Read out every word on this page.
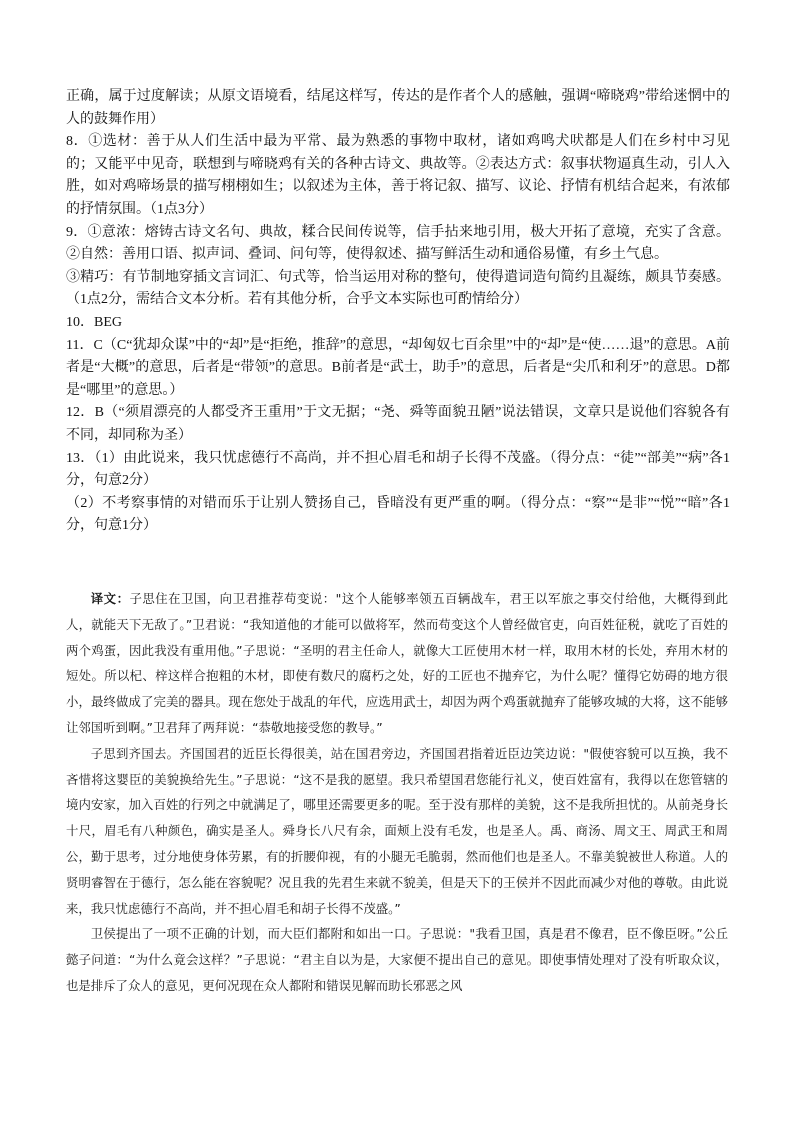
正确，属于过度解读；从原文语境看，结尾这样写，传达的是作者个人的感触，强调“啼晓鸡”带给迷惘中的人的鼓舞作用）

8．①选材：善于从人们生活中最为平常、最为熟悉的事物中取材，诸如鸡鸣犬吠都是人们在乡村中习见的；又能平中见奇，联想到与啼晓鸡有关的各种古诗文、典故等。②表达方式：叙事状物逼真生动，引人入胜，如对鸡啼场景的描写栩栩如生；以叙述为主体，善于将记叙、描写、议论、抒情有机结合起来，有浓郁的抒情氛围。（1点3分）

9．①意浓：熔铸古诗文名句、典故，糅合民间传说等，信手拈来地引用，极大开拓了意境，充实了含意。②自然：善用口语、拟声词、叠词、问句等，使得叙述、描写鲜活生动和通俗易懂，有乡土气息。

③精巧：有节制地穿插文言词汇、句式等，恰当运用对称的整句，使得遣词造句简约且凝练，颇具节奏感。（1点2分，需结合文本分析。若有其他分析，合乎文本实际也可酌情给分）

10．BEG

11．C（C“犹却众谋”中的“却”是“拒绝，推辞”的意思，“却匈奴七百余里”中的“却”是“使……退”的意思。A前者是“大概”的意思，后者是“带领”的意思。B前者是“武士，助手”的意思，后者是“尖爪和利牙”的意思。D都是“哪里”的意思。）

12．B（“须眉漂亮的人都受齐王重用”于文无据；“尧、舜等面貌丑陋”说法错误，文章只是说他们容貌各有不同，却同称为圣）

13．（1）由此说来，我只忧虑德行不高尚，并不担心眉毛和胡子长得不茂盛。（得分点：“徒”“部美”“病”各1分，句意2分）

（2）不考察事情的对错而乐于让别人赞扬自己，昏暗没有更严重的啊。（得分点：“察”“是非”“悦”“暗”各1分，句意1分）

译文：子思住在卫国，向卫君推荐苟变说："这个人能够率领五百辆战车，君王以军旅之事交付给他，大概得到此人，就能天下无敌了。”卫君说：“我知道他的才能可以做将军，然而苟变这个人曾经做官吏，向百姓征税，就吃了百姓的两个鸡蛋，因此我没有重用他。”子思说：“圣明的君主任命人，就像大工匠使用木材一样，取用木材的长处，弃用木材的短处。所以杞、梓这样合抱粗的木材，即使有数尺的腐朽之处，好的工匠也不抛弃它，为什么呢？懂得它妨碍的地方很小，最终做成了完美的器具。现在您处于战乱的年代，应选用武士，却因为两个鸡蛋就抛弃了能够攻城的大将，这不能够让邻国听到啊。”卫君拜了两拜说：“恭敬地接受您的教导。”

子思到齐国去。齐国国君的近臣长得很美，站在国君旁边，齐国国君指着近臣边笑边说："假使容貌可以互换，我不吝惜将这婴臣的美貌换给先生。”子思说：“这不是我的愿望。我只希望国君您能行礼义，使百姓富有，我得以在您管辖的境内安家，加入百姓的行列之中就满足了，哪里还需要更多的呢。至于没有那样的美貌，这不是我所担忧的。从前尧身长十尺，眉毛有八种颜色，确实是圣人。舜身长八尺有余，面颊上没有毛发，也是圣人。禹、商汤、周文王、周武王和周公，勤于思考，过分地使身体劳累，有的折腰仰视，有的小腿无毛脆弱，然而他们也是圣人。不靠美貌被世人称道。人的贤明睿智在于德行，怎么能在容貌呢？况且我的先君生来就不貌美，但是天下的王侯并不因此而减少对他的尊敬。由此说来，我只忧虑德行不高尚，并不担心眉毛和胡子长得不茂盛。”

卫侯提出了一项不正确的计划，而大臣们都附和如出一口。子思说："我看卫国，真是君不像君，臣不像臣呀。”公丘懿子问道：“为什么竟会这样？”子思说：“君主自以为是，大家便不提出自己的意见。即使事情处理对了没有听取众议，也是排斥了众人的意见，更何况现在众人都附和错误见解而助长邪恶之风
